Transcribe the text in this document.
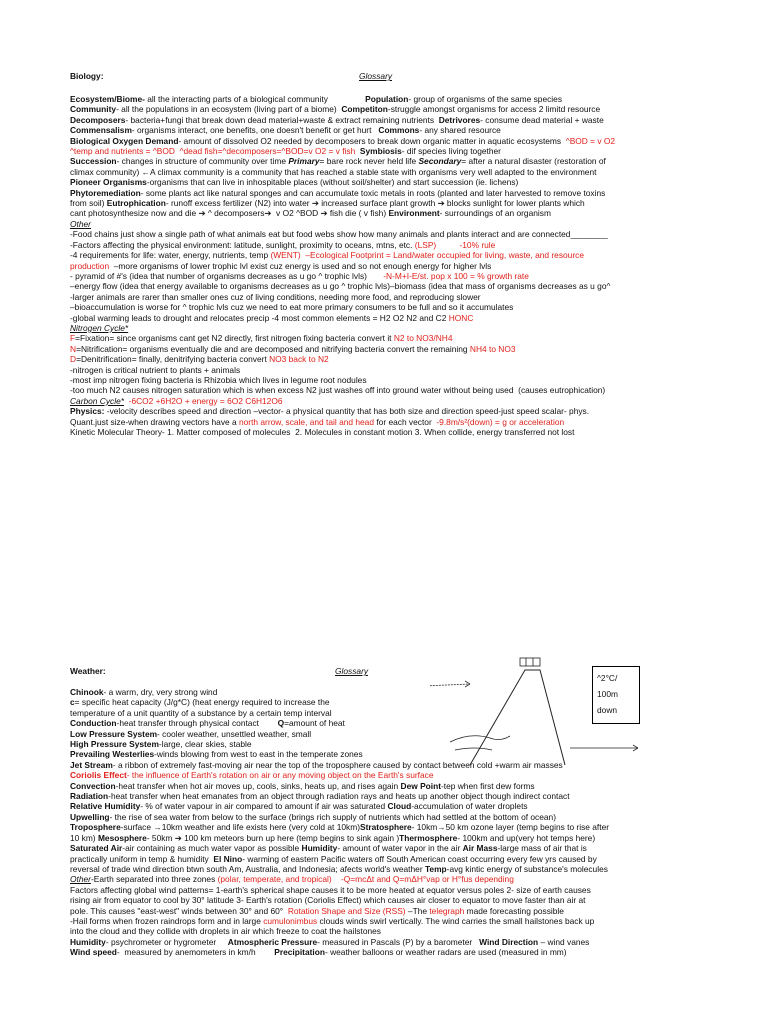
Biology:	Glossary
Ecosystem/Biome- all the interacting parts of a biological community                Population- group of organisms of the same species
Community- all the populations in an ecosystem (living part of a biome)  Competiton-struggle amongst organisms for access 2 limitd resource
Decomposers- bacteria+fungi that break down dead material+waste & extract remaining nutrients  Detrivores- consume dead material + waste
Commensalism- organisms interact, one benefits, one doesn't benefit or get hurt   Commons- any shared resource
Biological Oxygen Demand- amount of dissolved O2 needed by decomposers to break down organic matter in aquatic ecosystems  ^BOD = v O2
^temp and nutrients = ^BOD  ^dead fish=^decomposers=^BOD=v O2 = v fish Symbiosis- dif species living together
Succession- changes in structure of community over time Primary= bare rock never held life Secondary= after a natural disaster (restoration of
climax community) ←A climax community is a community that has reached a stable state with organisms very well adapted to the environment
Pioneer Organisms-organisms that can live in inhospitable places (without soil/shelter) and start succession (ie. lichens)
Phytoremediation- some plants act like natural sponges and can accumulate toxic metals in roots (planted and later harvested to remove toxins
from soil) Eutrophication- runoff excess fertilizer (N2) into water ➔ increased surface plant growth ➔ blocks sunlight for lower plants which
cant photosynthesize now and die ➔ ^ decomposers➔  v O2 ^BOD ➔ fish die ( v fish) Environment- surroundings of an organism
Other
-Food chains just show a single path of what animals eat but food webs show how many animals and plants interact and are connected________
-Factors affecting the physical environment: latitude, sunlight, proximity to oceans, mtns, etc. (LSP)	-10% rule
-4 requirements for life: water, energy, nutrients, temp (WENT)  –Ecological Footprint = Land/water occupied for living, waste, and resource
production  –more organisms of lower trophic lvl exist cuz energy is used and so not enough energy for higher lvls
- pyramid of #'s (idea that number of organisms decreases as u go ^ trophic lvls)       -N-M+I-E/st. pop x 100 = % growth rate
–energy flow (idea that energy available to organisms decreases as u go ^ trophic lvls)–biomass (idea that mass of organisms decreases as u go^
-larger animals are rarer than smaller ones cuz of living conditions, needing more food, and reproducing slower
–bioaccumulation is worse for ^ trophic lvls cuz we need to eat more primary consumers to be full and so it accumulates
-global warming leads to drought and relocates precip -4 most common elements = H2 O2 N2 and C2 HONC
Nitrogen Cycle*
F=Fixation= since organisms cant get N2 directly, first nitrogen fixing bacteria convert it N2 to NO3/NH4
N=Nitrification= organisms eventually die and are decomposed and nitrifying bacteria convert the remaining NH4 to NO3
D=Denitrification= finally, denitrifying bacteria convert NO3 back to N2
-nitrogen is critical nutrient to plants + animals
-most imp nitrogen fixing bacteria is Rhizobia which lives in legume root nodules
-too much N2 causes nitrogen saturation which is when excess N2 just washes off into ground water without being used  (causes eutrophication)
Carbon Cycle* -6CO2 +6H2O + energy = 6O2 C6H12O6
Physics: -velocity describes speed and direction –vector- a physical quantity that has both size and direction speed-just speed scalar- phys.
Quant.just size-when drawing vectors have a north arrow, scale, and tail and head for each vector  -9.8m/s²(down) = g or acceleration
Kinetic Molecular Theory- 1. Matter composed of molecules  2. Molecules in constant motion 3. When collide, energy transferred not lost
Weather:	Glossary
Chinook- a warm, dry, very strong wind
c= specific heat capacity (J/g*C) (heat energy required to increase the
temperature of a unit quantity of a substance by a certain temp interval
Conduction-heat transfer through physical contact        Q=amount of heat
Low Pressure System- cooler weather, unsettled weather, small
High Pressure System-large, clear skies, stable
Prevailing Westerlies-winds blowing from west to east in the temperate zones
Jet Stream- a ribbon of extremely fast-moving air near the top of the troposphere caused by contact between cold +warm air masses
Coriolis Effect- the influence of Earth's rotation on air or any moving object on the Earth's surface
Convection-heat transfer when hot air moves up, cools, sinks, heats up, and rises again Dew Point-tep when first dew forms
Radiation-heat transfer when heat emanates from an object through radiation rays and heats up another object though indirect contact
Relative Humidity- % of water vapour in air compared to amount if air was saturated Cloud-accumulation of water droplets
Upwelling- the rise of sea water from below to the surface (brings rich supply of nutrients which had settled at the bottom of ocean)
Troposphere-surface →10km weather and life exists here (very cold at 10km)Stratosphere- 10km→50 km ozone layer (temp begins to rise after
10 km) Mesosphere- 50km ➔ 100 km meteors burn up here (temp begins to sink again )Thermosphere- 100km and up(very hot temps here)
Saturated Air-air containing as much water vapor as possible Humidity- amount of water vapor in the air Air Mass-large mass of air that is
practically uniform in temp & humidity  El Nino- warming of eastern Pacific waters off South American coast occurring every few yrs caused by
reversal of trade wind direction btwn south Am, Australia, and Indonesia; afects world's weather Temp-avg kintic energy of substance's molecules
Other-Earth separated into three zones (polar, temperate, and tropical) -Q=mcΔt and Q=mΔH°vap or H°fus depending
Factors affecting global wind patterns= 1-earth's spherical shape causes it to be more heated at equator versus poles 2- size of earth causes
rising air from equator to cool by 30° latitude 3- Earth's rotation (Coriolis Effect) which causes air closer to equator to move faster than air at
pole. This causes "east-west" winds between 30° and 60°  Rotation Shape and Size (RSS) –The telegraph made forecasting possible
-Hail forms when frozen raindrops form and in large cumulonimbus clouds winds swirl vertically. The wind carries the small hailstones back up
into the cloud and they collide with droplets in air which freeze to coat the hailstones
Humidity- psychrometer or hygrometer     Atmospheric Pressure- measured in Pascals (P) by a barometer   Wind Direction – wind vanes
Wind speed-  measured by anemometers in km/h        Precipitation- weather balloons or weather radars are used (measured in mm)
^2°C/
100m
down
